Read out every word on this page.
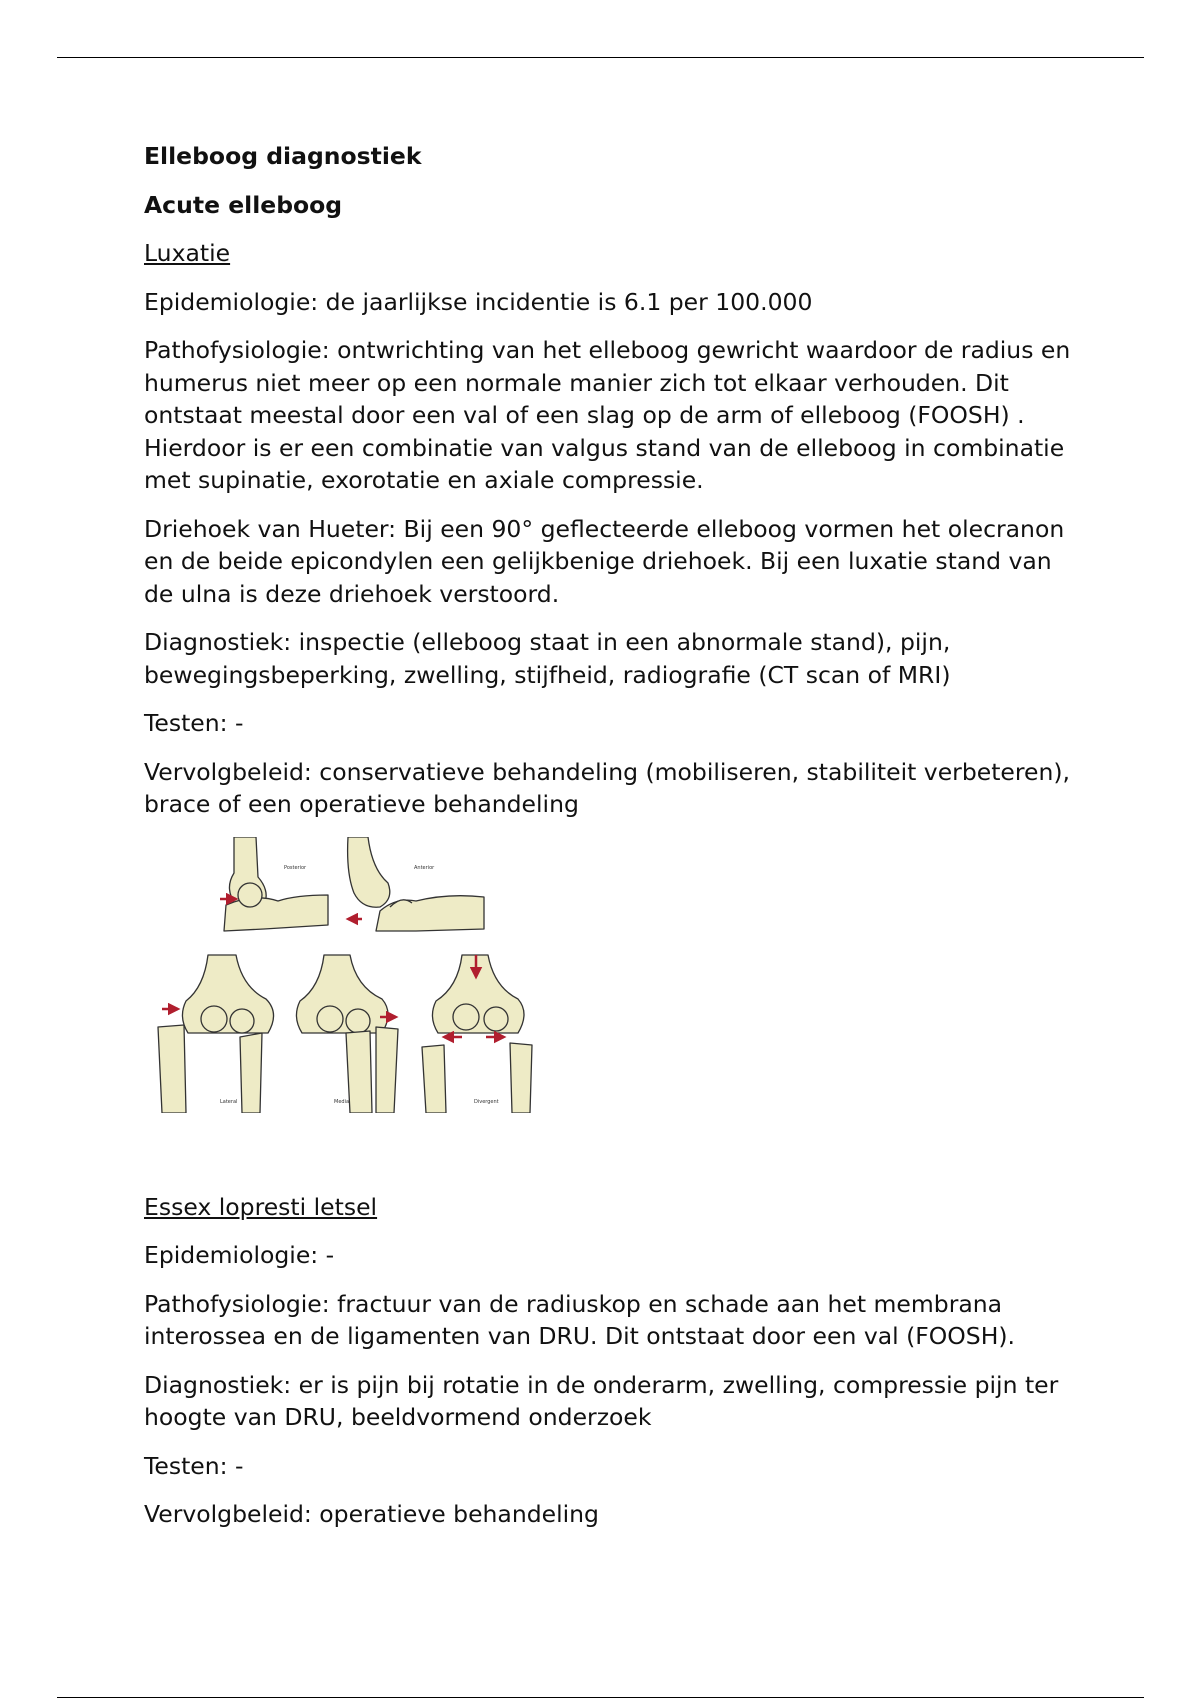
Elleboog diagnostiek

Acute elleboog

Luxatie

Epidemiologie: de jaarlijkse incidentie is 6.1 per 100.000

Pathofysiologie: ontwrichting van het elleboog gewricht waardoor de radius en humerus niet meer op een normale manier zich tot elkaar verhouden. Dit ontstaat meestal door een val of een slag op de arm of elleboog (FOOSH) . Hierdoor is er een combinatie van valgus stand van de elleboog in combinatie met supinatie, exorotatie en axiale compressie.

Driehoek van Hueter: Bij een 90° geflecteerde elleboog vormen het olecranon en de beide epicondylen een gelijkbenige driehoek. Bij een luxatie stand van de ulna is deze driehoek verstoord.

Diagnostiek: inspectie (elleboog staat in een abnormale stand), pijn, bewegingsbeperking, zwelling, stijfheid, radiografie (CT scan of MRI)

Testen: -

Vervolgbeleid: conservatieve behandeling (mobiliseren, stabiliteit verbeteren), brace of een operatieve behandeling

Posterior	Anterior
Lateral	Medial	Divergent

Essex lopresti letsel

Epidemiologie: -

Pathofysiologie: fractuur van de radiuskop en schade aan het membrana interossea en de ligamenten van DRU. Dit ontstaat door een val (FOOSH).

Diagnostiek: er is pijn bij rotatie in de onderarm, zwelling, compressie pijn ter hoogte van DRU, beeldvormend onderzoek

Testen: -

Vervolgbeleid: operatieve behandeling
